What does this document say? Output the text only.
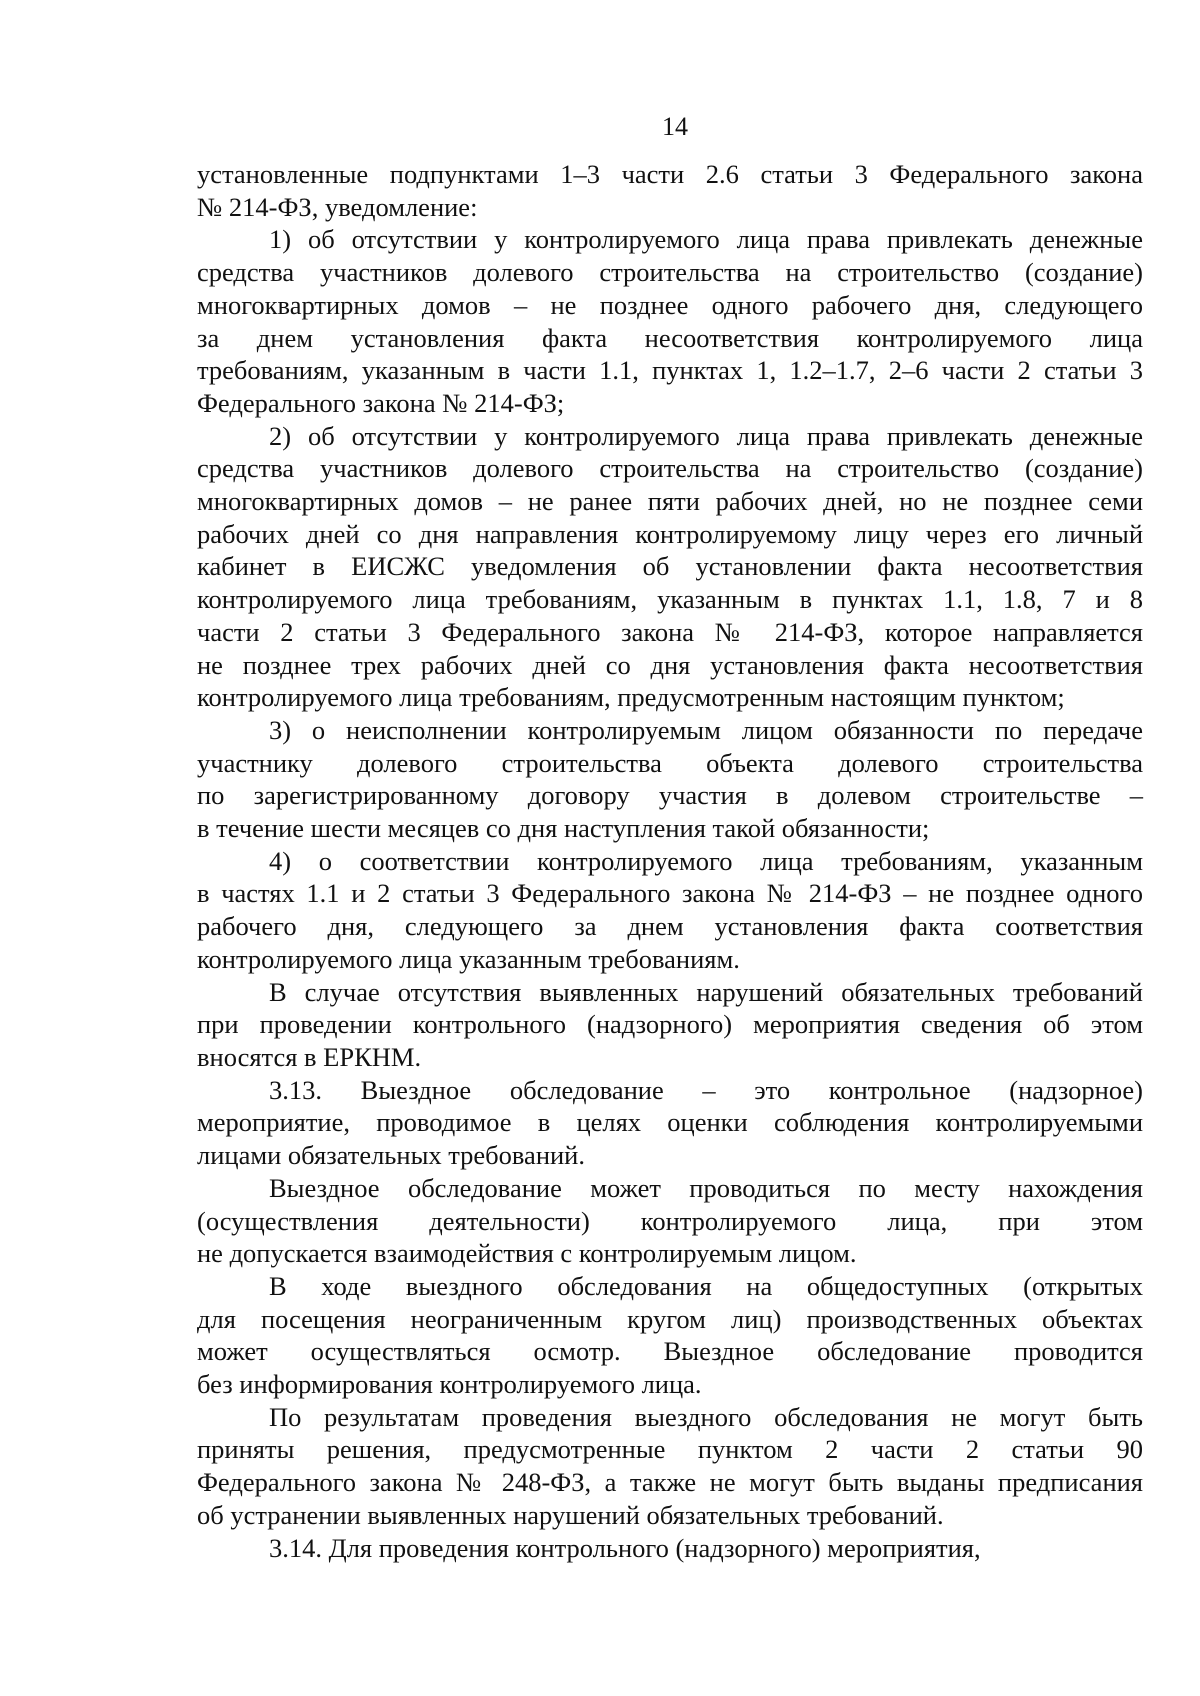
14
установленные подпунктами 1–3 части 2.6 статьи 3 Федерального закона
№ 214-ФЗ, уведомление:
1) об отсутствии у контролируемого лица права привлекать денежные
средства участников долевого строительства на строительство (создание)
многоквартирных домов – не позднее одного рабочего дня, следующего
за днем установления факта несоответствия контролируемого лица
требованиям, указанным в части 1.1, пунктах 1, 1.2–1.7, 2–6 части 2 статьи 3
Федерального закона № 214-ФЗ;
2) об отсутствии у контролируемого лица права привлекать денежные
средства участников долевого строительства на строительство (создание)
многоквартирных домов – не ранее пяти рабочих дней, но не позднее семи
рабочих дней со дня направления контролируемому лицу через его личный
кабинет в ЕИСЖС уведомления об установлении факта несоответствия
контролируемого лица требованиям, указанным в пунктах 1.1, 1.8, 7 и 8
части 2 статьи 3 Федерального закона № 214-ФЗ, которое направляется
не позднее трех рабочих дней со дня установления факта несоответствия
контролируемого лица требованиям, предусмотренным настоящим пунктом;
3) о неисполнении контролируемым лицом обязанности по передаче
участнику долевого строительства объекта долевого строительства
по зарегистрированному договору участия в долевом строительстве –
в течение шести месяцев со дня наступления такой обязанности;
4) о соответствии контролируемого лица требованиям, указанным
в частях 1.1 и 2 статьи 3 Федерального закона № 214-ФЗ – не позднее одного
рабочего дня, следующего за днем установления факта соответствия
контролируемого лица указанным требованиям.
В случае отсутствия выявленных нарушений обязательных требований
при проведении контрольного (надзорного) мероприятия сведения об этом
вносятся в ЕРКНМ.
3.13. Выездное обследование – это контрольное (надзорное)
мероприятие, проводимое в целях оценки соблюдения контролируемыми
лицами обязательных требований.
Выездное обследование может проводиться по месту нахождения
(осуществления деятельности) контролируемого лица, при этом
не допускается взаимодействия с контролируемым лицом.
В ходе выездного обследования на общедоступных (открытых
для посещения неограниченным кругом лиц) производственных объектах
может осуществляться осмотр. Выездное обследование проводится
без информирования контролируемого лица.
По результатам проведения выездного обследования не могут быть
приняты решения, предусмотренные пунктом 2 части 2 статьи 90
Федерального закона № 248-ФЗ, а также не могут быть выданы предписания
об устранении выявленных нарушений обязательных требований.
3.14. Для проведения контрольного (надзорного) мероприятия,
